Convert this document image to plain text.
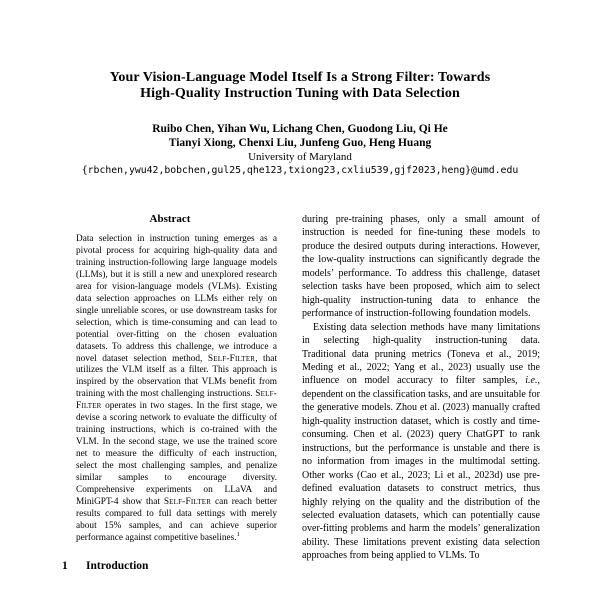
Your Vision-Language Model Itself Is a Strong Filter: Towards
High-Quality Instruction Tuning with Data Selection
Ruibo Chen, Yihan Wu, Lichang Chen, Guodong Liu, Qi He
Tianyi Xiong, Chenxi Liu, Junfeng Guo, Heng Huang
University of Maryland
{rbchen,ywu42,bobchen,gul25,qhe123,txiong23,cxliu539,gjf2023,heng}@umd.edu
Abstract
Data selection in instruction tuning emerges as a pivotal process for acquiring high-quality data and training instruction-following large language models (LLMs), but it is still a new and unexplored research area for vision-language models (VLMs). Existing data selection approaches on LLMs either rely on single unreliable scores, or use downstream tasks for selection, which is time-consuming and can lead to potential over-fitting on the chosen evaluation datasets. To address this challenge, we introduce a novel dataset selection method, Self-Filter, that utilizes the VLM itself as a filter. This approach is inspired by the observation that VLMs benefit from training with the most challenging instructions. Self-Filter operates in two stages. In the first stage, we devise a scoring network to evaluate the difficulty of training instructions, which is co-trained with the VLM. In the second stage, we use the trained score net to measure the difficulty of each instruction, select the most challenging samples, and penalize similar samples to encourage diversity. Comprehensive experiments on LLaVA and MiniGPT-4 show that Self-Filter can reach better results compared to full data settings with merely about 15% samples, and can achieve superior performance against competitive baselines.$^1$
1	Introduction

during pre-training phases, only a small amount of instruction is needed for fine-tuning these models to produce the desired outputs during interactions. However, the low-quality instructions can significantly degrade the models’ performance. To address this challenge, dataset selection tasks have been proposed, which aim to select high-quality instruction-tuning data to enhance the performance of instruction-following foundation models.

Existing data selection methods have many limitations in selecting high-quality instruction-tuning data. Traditional data pruning metrics (Toneva et al., 2019; Meding et al., 2022; Yang et al., 2023) usually use the influence on model accuracy to filter samples, i.e., dependent on the classification tasks, and are unsuitable for the generative models. Zhou et al. (2023) manually crafted high-quality instruction dataset, which is costly and time-consuming. Chen et al. (2023) query ChatGPT to rank instructions, but the performance is unstable and there is no information from images in the multimodal setting. Other works (Cao et al., 2023; Li et al., 2023d) use pre-defined evaluation datasets to construct metrics, thus highly relying on the quality and the distribution of the selected evaluation datasets, which can potentially cause over-fitting problems and harm the models’ generalization ability. These limitations prevent existing data selection approaches from being applied to VLMs. To
